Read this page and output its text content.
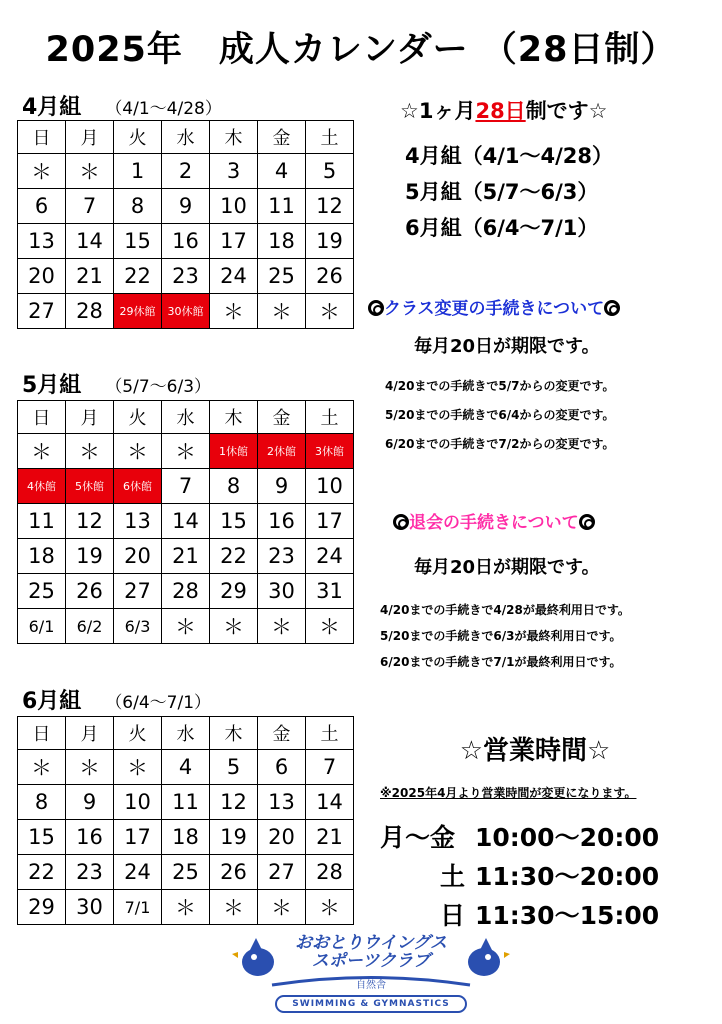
2025年　成人カレンダー （28日制）
4月組 （4/1～4/28）
日	月	火	水	木	金	土
＊	＊	1	2	3	4	5
6	7	8	9	10	11	12
13	14	15	16	17	18	19
20	21	22	23	24	25	26
27	28	29休館	30休館	＊	＊	＊
5月組 （5/7～6/3）
日	月	火	水	木	金	土
＊	＊	＊	＊	1休館	2休館	3休館
4休館	5休館	6休館	7	8	9	10
11	12	13	14	15	16	17
18	19	20	21	22	23	24
25	26	27	28	29	30	31
6/1	6/2	6/3	＊	＊	＊	＊
6月組 （6/4～7/1）
日	月	火	水	木	金	土
＊	＊	＊	4	5	6	7
8	9	10	11	12	13	14
15	16	17	18	19	20	21
22	23	24	25	26	27	28
29	30	7/1	＊	＊	＊	＊
☆1ヶ月28日制です☆
4月組（4/1～4/28）
5月組（5/7～6/3）
6月組（6/4～7/1）
クラス変更の手続きについて
毎月20日が期限です。
4/20までの手続きで5/7からの変更です。
5/20までの手続きで6/4からの変更です。
6/20までの手続きで7/2からの変更です。
退会の手続きについて
毎月20日が期限です。
4/20までの手続きで4/28が最終利用日です。
5/20までの手続きで6/3が最終利用日です。
6/20までの手続きで7/1が最終利用日です。
☆営業時間☆
※2025年4月より営業時間が変更になります。
月～金 10:00～20:00
土 11:30～20:00
日 11:30～15:00
おおとりウイングス
スポーツクラブ
自然舎
SWIMMING & GYMNASTICS
